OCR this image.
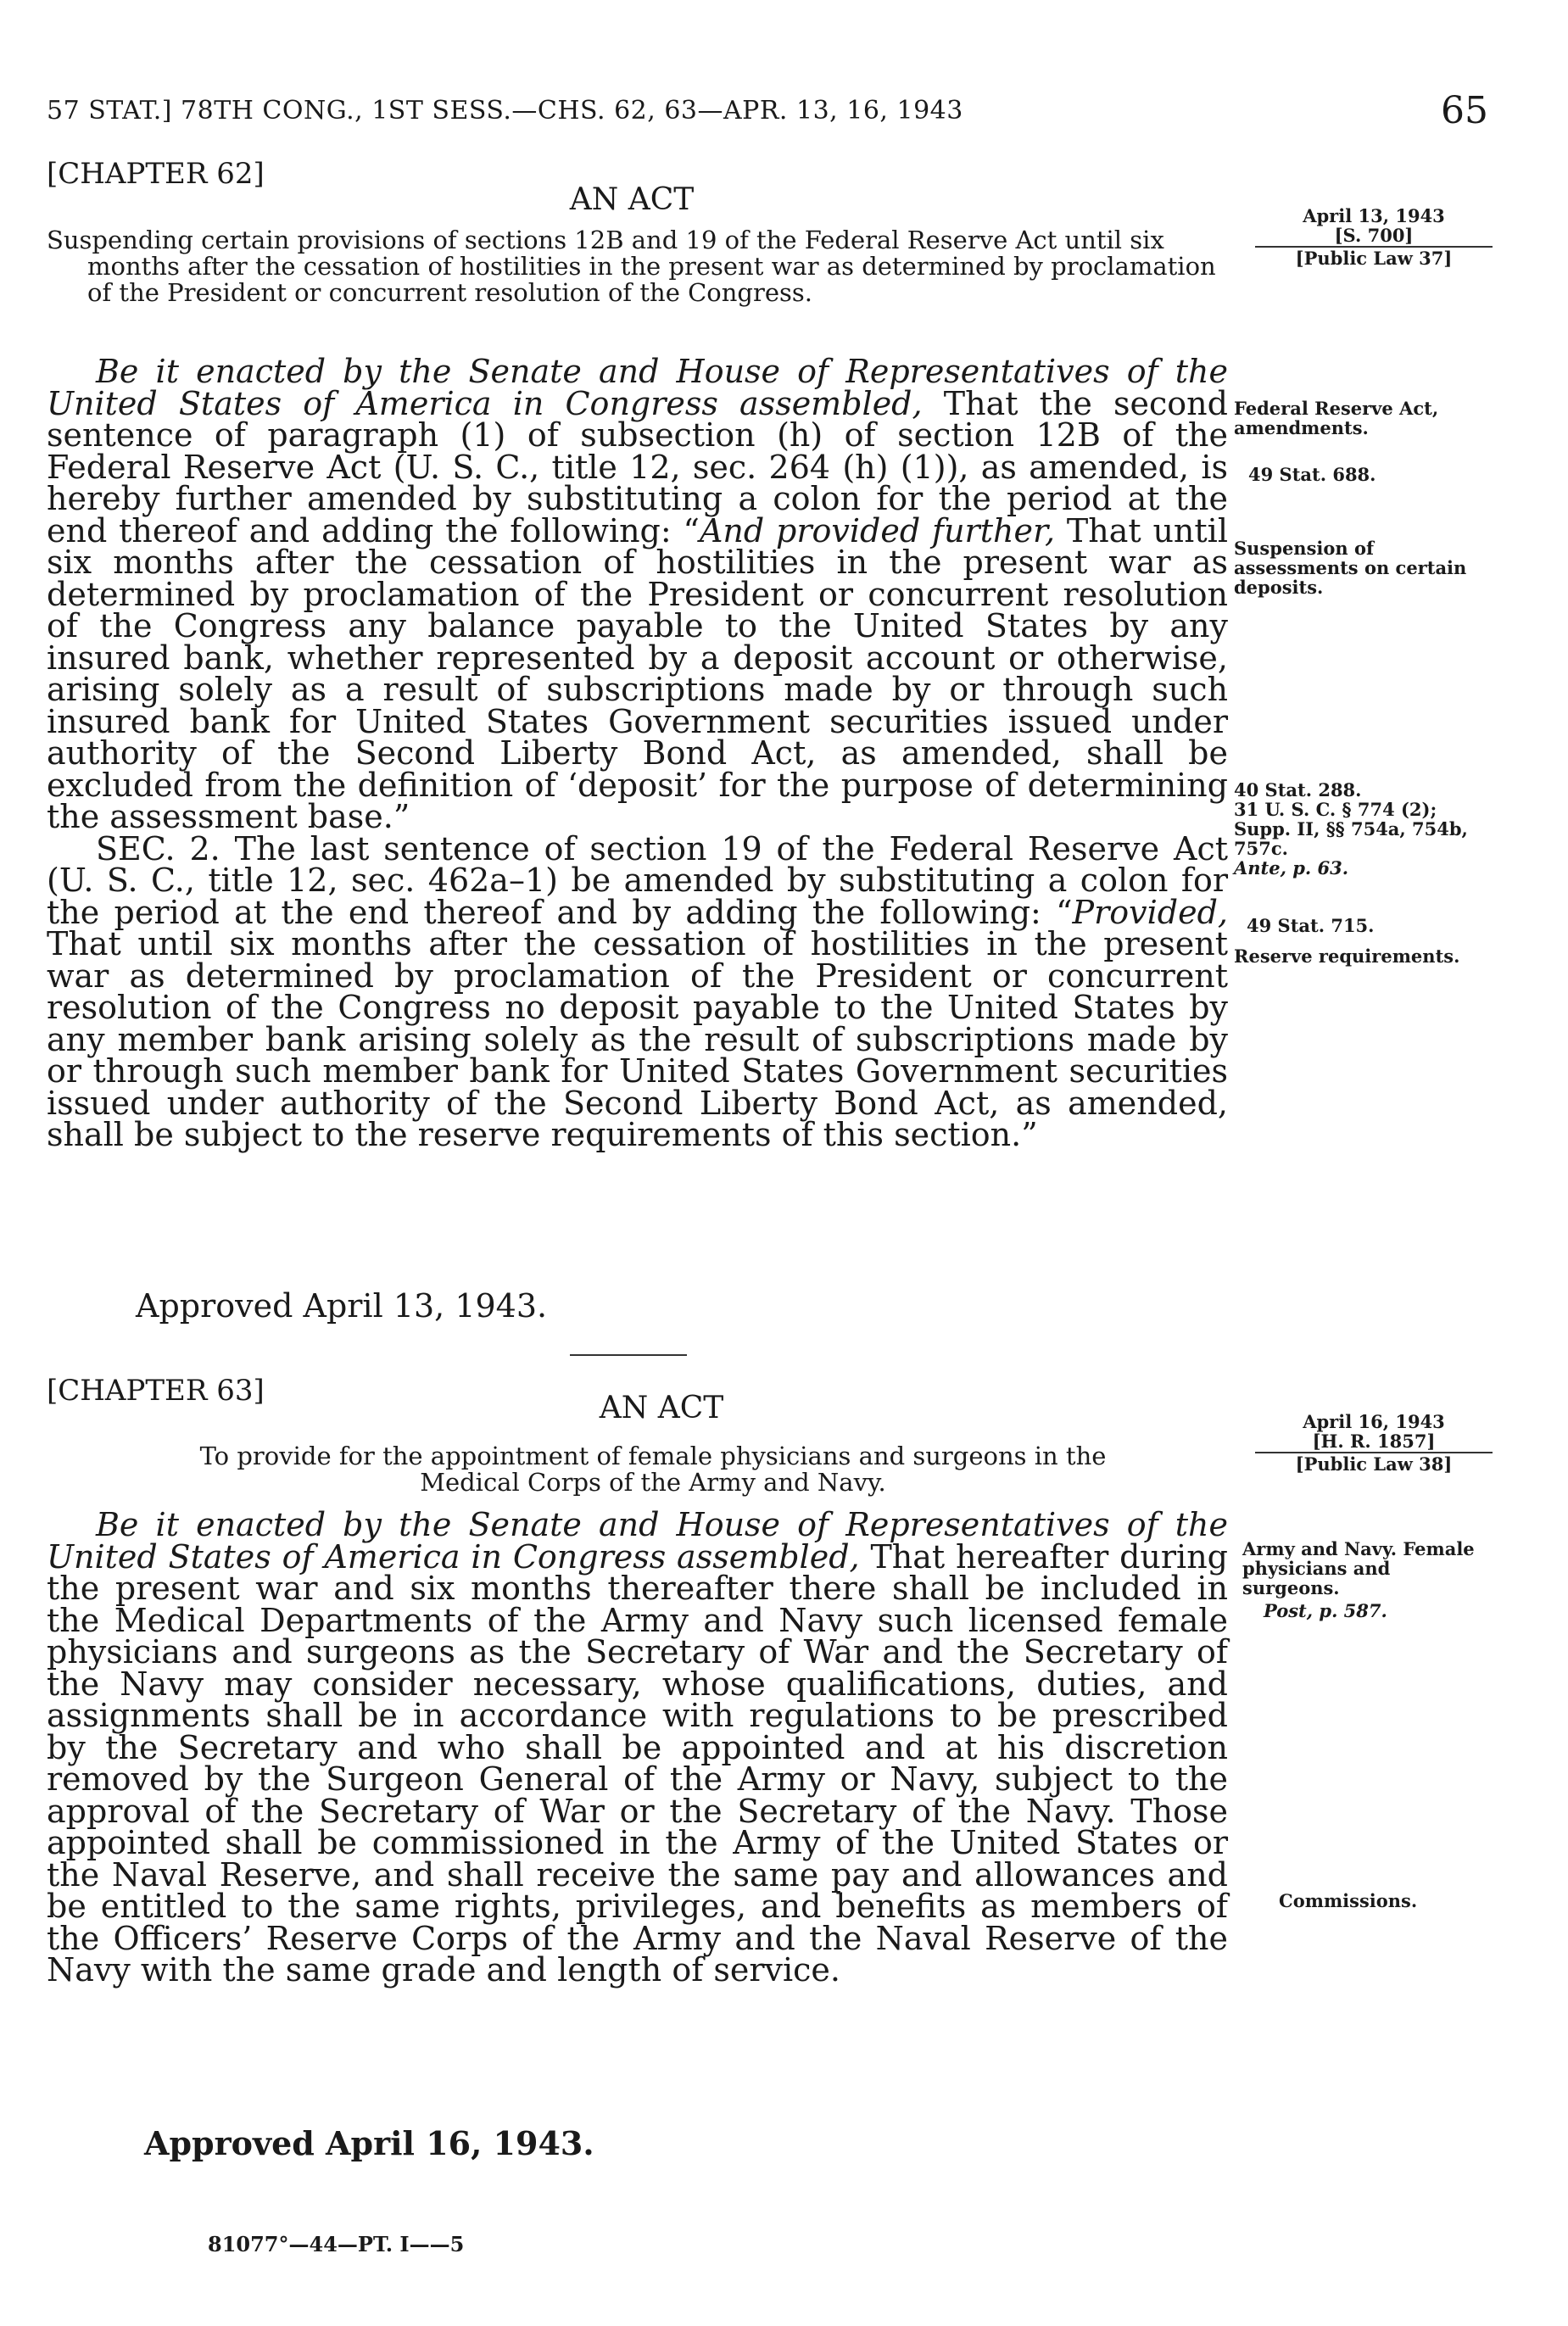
57 STAT.] 78TH CONG., 1ST SESS.—CHS. 62, 63—APR. 13, 16, 1943	65
[CHAPTER 62]
AN ACT

Suspending certain provisions of sections 12B and 19 of the Federal Reserve Act until six months after the cessation of hostilities in the present war as determined by proclamation of the President or concurrent resolution of the Congress.

April 13, 1943
[S. 700]
[Public Law 37]

Be it enacted by the Senate and House of Representatives of the United States of America in Congress assembled, That the second sentence of paragraph (1) of subsection (h) of section 12B of the Federal Reserve Act (U. S. C., title 12, sec. 264 (h) (1)), as amended, is hereby further amended by substituting a colon for the period at the end thereof and adding the following: “And provided further, That until six months after the cessation of hostilities in the present war as determined by proclamation of the President or concurrent resolution of the Congress any balance payable to the United States by any insured bank, whether represented by a deposit account or otherwise, arising solely as a result of subscriptions made by or through such insured bank for United States Government securities issued under authority of the Second Liberty Bond Act, as amended, shall be excluded from the definition of ‘deposit’ for the purpose of determining the assessment base.”

SEC. 2. The last sentence of section 19 of the Federal Reserve Act (U. S. C., title 12, sec. 462a–1) be amended by substituting a colon for the period at the end thereof and by adding the following: “Provided, That until six months after the cessation of hostilities in the present war as determined by proclamation of the President or concurrent resolution of the Congress no deposit payable to the United States by any member bank arising solely as the result of subscriptions made by or through such member bank for United States Government securities issued under authority of the Second Liberty Bond Act, as amended, shall be subject to the reserve requirements of this section.”

Approved April 13, 1943.
Federal Reserve Act, amendments.
49 Stat. 688.
Suspension of assessments on certain deposits.
40 Stat. 288.
31 U. S. C. § 774 (2); Supp. II, §§ 754a, 754b, 757c.
Ante, p. 63.
49 Stat. 715.
Reserve requirements.
[CHAPTER 63]	AN ACT
To provide for the appointment of female physicians and surgeons in the
Medical Corps of the Army and Navy.
April 16, 1943
[H. R. 1857]
[Public Law 38]

Be it enacted by the Senate and House of Representatives of the United States of America in Congress assembled, That hereafter during the present war and six months thereafter there shall be included in the Medical Departments of the Army and Navy such licensed female physicians and surgeons as the Secretary of War and the Secretary of the Navy may consider necessary, whose qualifications, duties, and assignments shall be in accordance with regulations to be prescribed by the Secretary and who shall be appointed and at his discretion removed by the Surgeon General of the Army or Navy, subject to the approval of the Secretary of War or the Secretary of the Navy. Those appointed shall be commissioned in the Army of the United States or the Naval Reserve, and shall receive the same pay and allowances and be entitled to the same rights, privileges, and benefits as members of the Officers’ Reserve Corps of the Army and the Naval Reserve of the Navy with the same grade and length of service.

Approved April 16, 1943.
Army and Navy. Female physicians and surgeons.
Post, p. 587.
Commissions.
81077°—44—PT. I——5
